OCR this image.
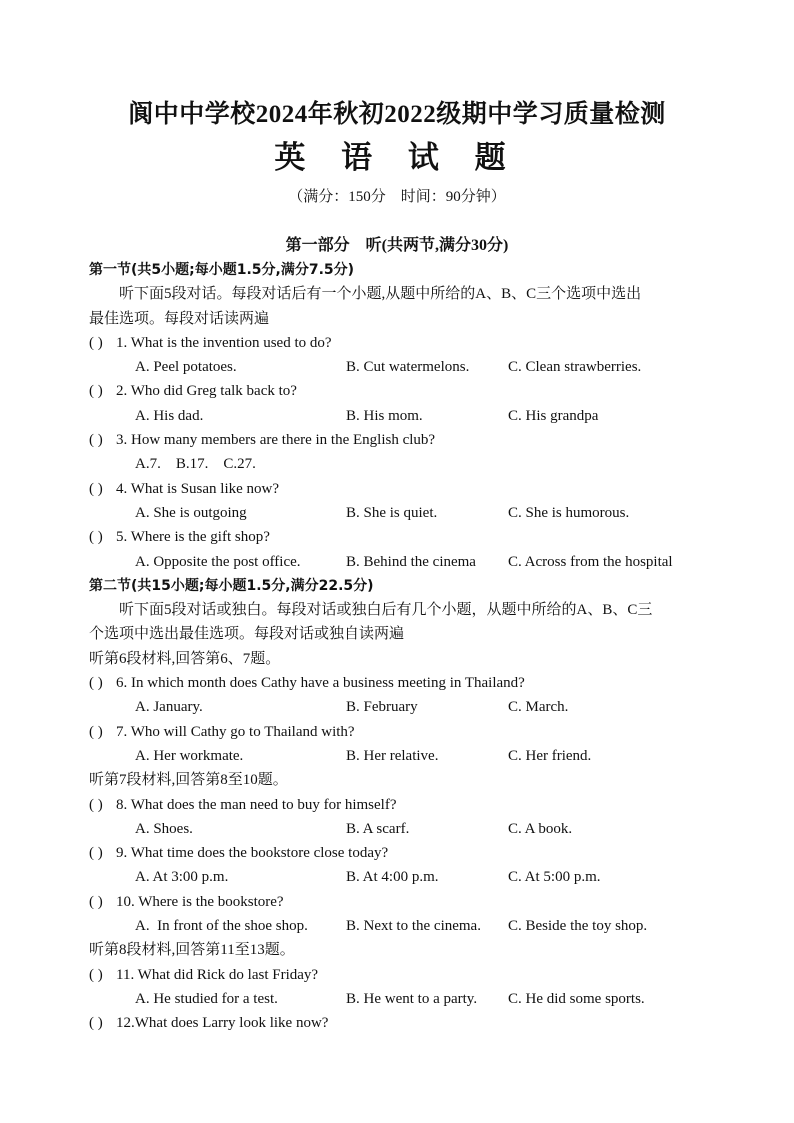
阆中中学校2024年秋初2022级期中学习质量检测
英 语 试 题
（满分：150分　时间：90分钟）
第一部分　听(共两节,满分30分)
第一节(共5小题;每小题1.5分,满分7.5分)
听下面5段对话。每段对话后有一个小题,从题中所给的A、B、C三个选项中选出
最佳选项。每段对话读两遍
( ) 1. What is the invention used to do?
A. Peel potatoes.	B. Cut watermelons.	C. Clean strawberries.
( ) 2. Who did Greg talk back to?
A. His dad.	B. His mom.	C. His grandpa
( ) 3. How many members are there in the English club?
A.7.    B.17.    C.27.
( ) 4. What is Susan like now?
A. She is outgoing	B. She is quiet.	C. She is humorous.
( ) 5. Where is the gift shop?
A. Opposite the post office.	B. Behind the cinema C. Across from the hospital
第二节(共15小题;每小题1.5分,满分22.5分)
听下面5段对话或独白。每段对话或独白后有几个小题，从题中所给的A、B、C三
个选项中选出最佳选项。每段对话或独自读两遍
听第6段材料,回答第6、7题。
( ) 6. In which month does Cathy have a business meeting in Thailand?
A. January.	B. February	C. March.
( ) 7. Who will Cathy go to Thailand with?
A. Her workmate.	B. Her relative.	C. Her friend.
听第7段材料,回答第8至10题。
( ) 8. What does the man need to buy for himself?
A. Shoes.	B. A scarf.	C. A book.
( ) 9. What time does the bookstore close today?
A. At 3:00 p.m.	B. At 4:00 p.m.	C. At 5:00 p.m.
( ) 10. Where is the bookstore?
A.  In front of the shoe shop.	B. Next to the cinema. C. Beside the toy shop.
听第8段材料,回答第11至13题。
( ) 11. What did Rick do last Friday?
A. He studied for a test.	B. He went to a party. C. He did some sports.
( ) 12.What does Larry look like now?
